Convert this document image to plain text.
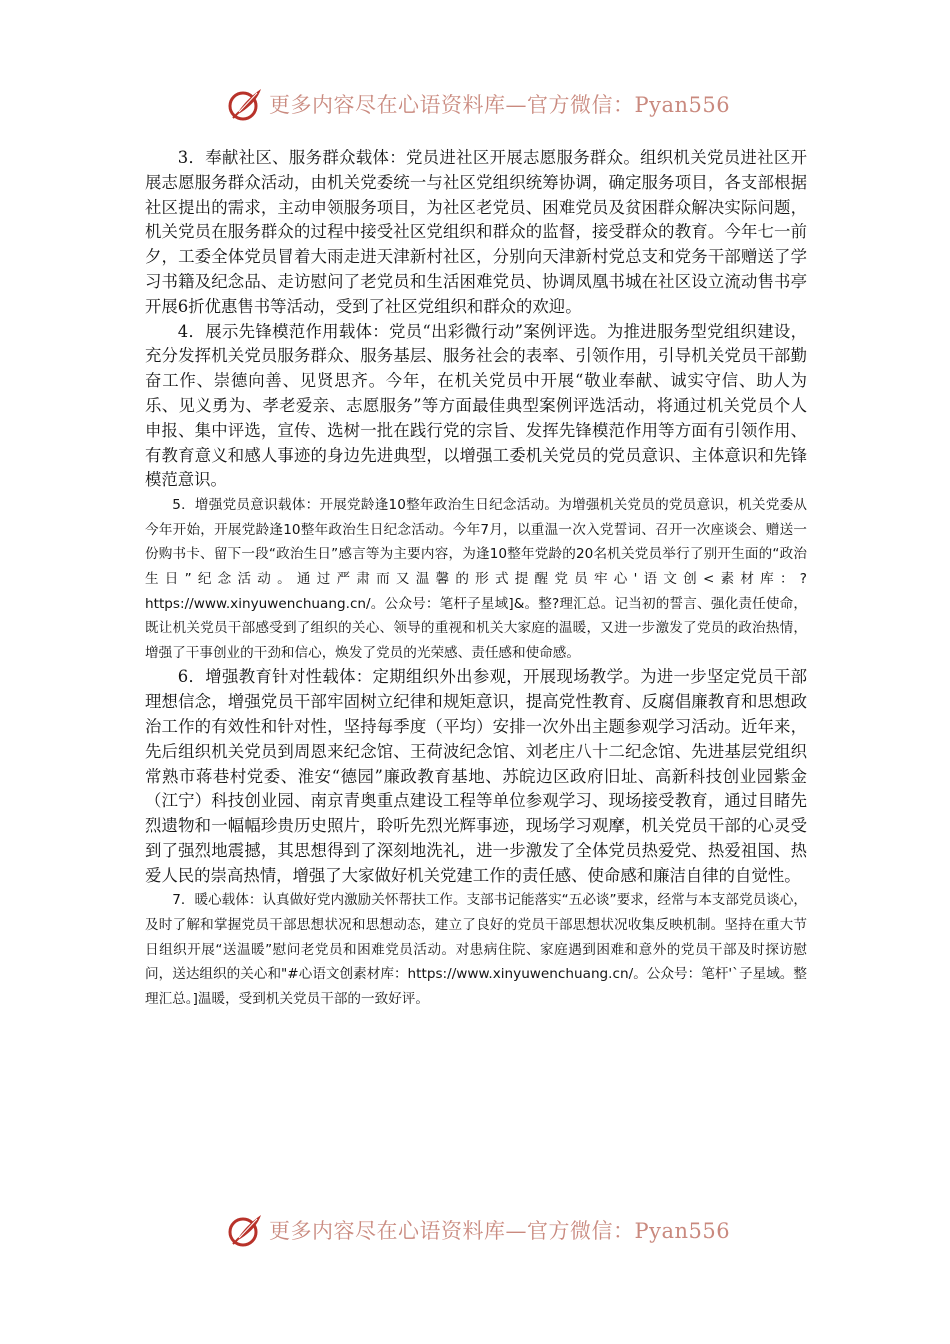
更多内容尽在心语资料库—官方微信：Pyan556

3．奉献社区、服务群众载体：党员进社区开展志愿服务群众。组织机关党员进社区开展志愿服务群众活动，由机关党委统一与社区党组织统筹协调，确定服务项目，各支部根据社区提出的需求，主动申领服务项目，为社区老党员、困难党员及贫困群众解决实际问题，机关党员在服务群众的过程中接受社区党组织和群众的监督，接受群众的教育。今年七一前夕，工委全体党员冒着大雨走进天津新村社区，分别向天津新村党总支和党务干部赠送了学习书籍及纪念品、走访慰问了老党员和生活困难党员、协调凤凰书城在社区设立流动售书亭开展6折优惠售书等活动，受到了社区党组织和群众的欢迎。

4．展示先锋模范作用载体：党员“出彩微行动”案例评选。为推进服务型党组织建设，充分发挥机关党员服务群众、服务基层、服务社会的表率、引领作用，引导机关党员干部勤奋工作、崇德向善、见贤思齐。今年，在机关党员中开展“敬业奉献、诚实守信、助人为乐、见义勇为、孝老爱亲、志愿服务”等方面最佳典型案例评选活动，将通过机关党员个人申报、集中评选，宣传、选树一批在践行党的宗旨、发挥先锋模范作用等方面有引领作用、有教育意义和感人事迹的身边先进典型，以增强工委机关党员的党员意识、主体意识和先锋模范意识。

5．增强党员意识载体：开展党龄逢10整年政治生日纪念活动。为增强机关党员的党员意识，机关党委从今年开始，开展党龄逢10整年政治生日纪念活动。今年7月，以重温一次入党誓词、召开一次座谈会、赠送一份购书卡、留下一段“政治生日”感言等为主要内容，为逢10整年党龄的20名机关党员举行了别开生面的“政治生日”纪念活动。通过严肃而又温馨的形式提醒党员牢心'语文创<素材库：?https://www.xinyuwenchuang.cn/。公众号：笔杆子星域]&。整?理汇总。记当初的誓言、强化责任使命，既让机关党员干部感受到了组织的关心、领导的重视和机关大家庭的温暖，又进一步激发了党员的政治热情，增强了干事创业的干劲和信心，焕发了党员的光荣感、责任感和使命感。

6．增强教育针对性载体：定期组织外出参观，开展现场教学。为进一步坚定党员干部理想信念，增强党员干部牢固树立纪律和规矩意识，提高党性教育、反腐倡廉教育和思想政治工作的有效性和针对性，坚持每季度（平均）安排一次外出主题参观学习活动。近年来，先后组织机关党员到周恩来纪念馆、王荷波纪念馆、刘老庄八十二纪念馆、先进基层党组织常熟市蒋巷村党委、淮安“德园”廉政教育基地、苏皖边区政府旧址、高新科技创业园紫金（江宁）科技创业园、南京青奥重点建设工程等单位参观学习、现场接受教育，通过目睹先烈遗物和一幅幅珍贵历史照片，聆听先烈光辉事迹，现场学习观摩，机关党员干部的心灵受到了强烈地震撼，其思想得到了深刻地洗礼，进一步激发了全体党员热爱党、热爱祖国、热爱人民的崇高热情，增强了大家做好机关党建工作的责任感、使命感和廉洁自律的自觉性。

7．暖心载体：认真做好党内激励关怀帮扶工作。支部书记能落实“五必谈”要求，经常与本支部党员谈心，及时了解和掌握党员干部思想状况和思想动态，建立了良好的党员干部思想状况收集反映机制。坚持在重大节日组织开展“送温暖”慰问老党员和困难党员活动。对患病住院、家庭遇到困难和意外的党员干部及时探访慰问，送达组织的关心和"#心语文创素材库：https://www.xinyuwenchuang.cn/。公众号：笔杆'`子星域。整理汇总。]温暖，受到机关党员干部的一致好评。

更多内容尽在心语资料库—官方微信：Pyan556
